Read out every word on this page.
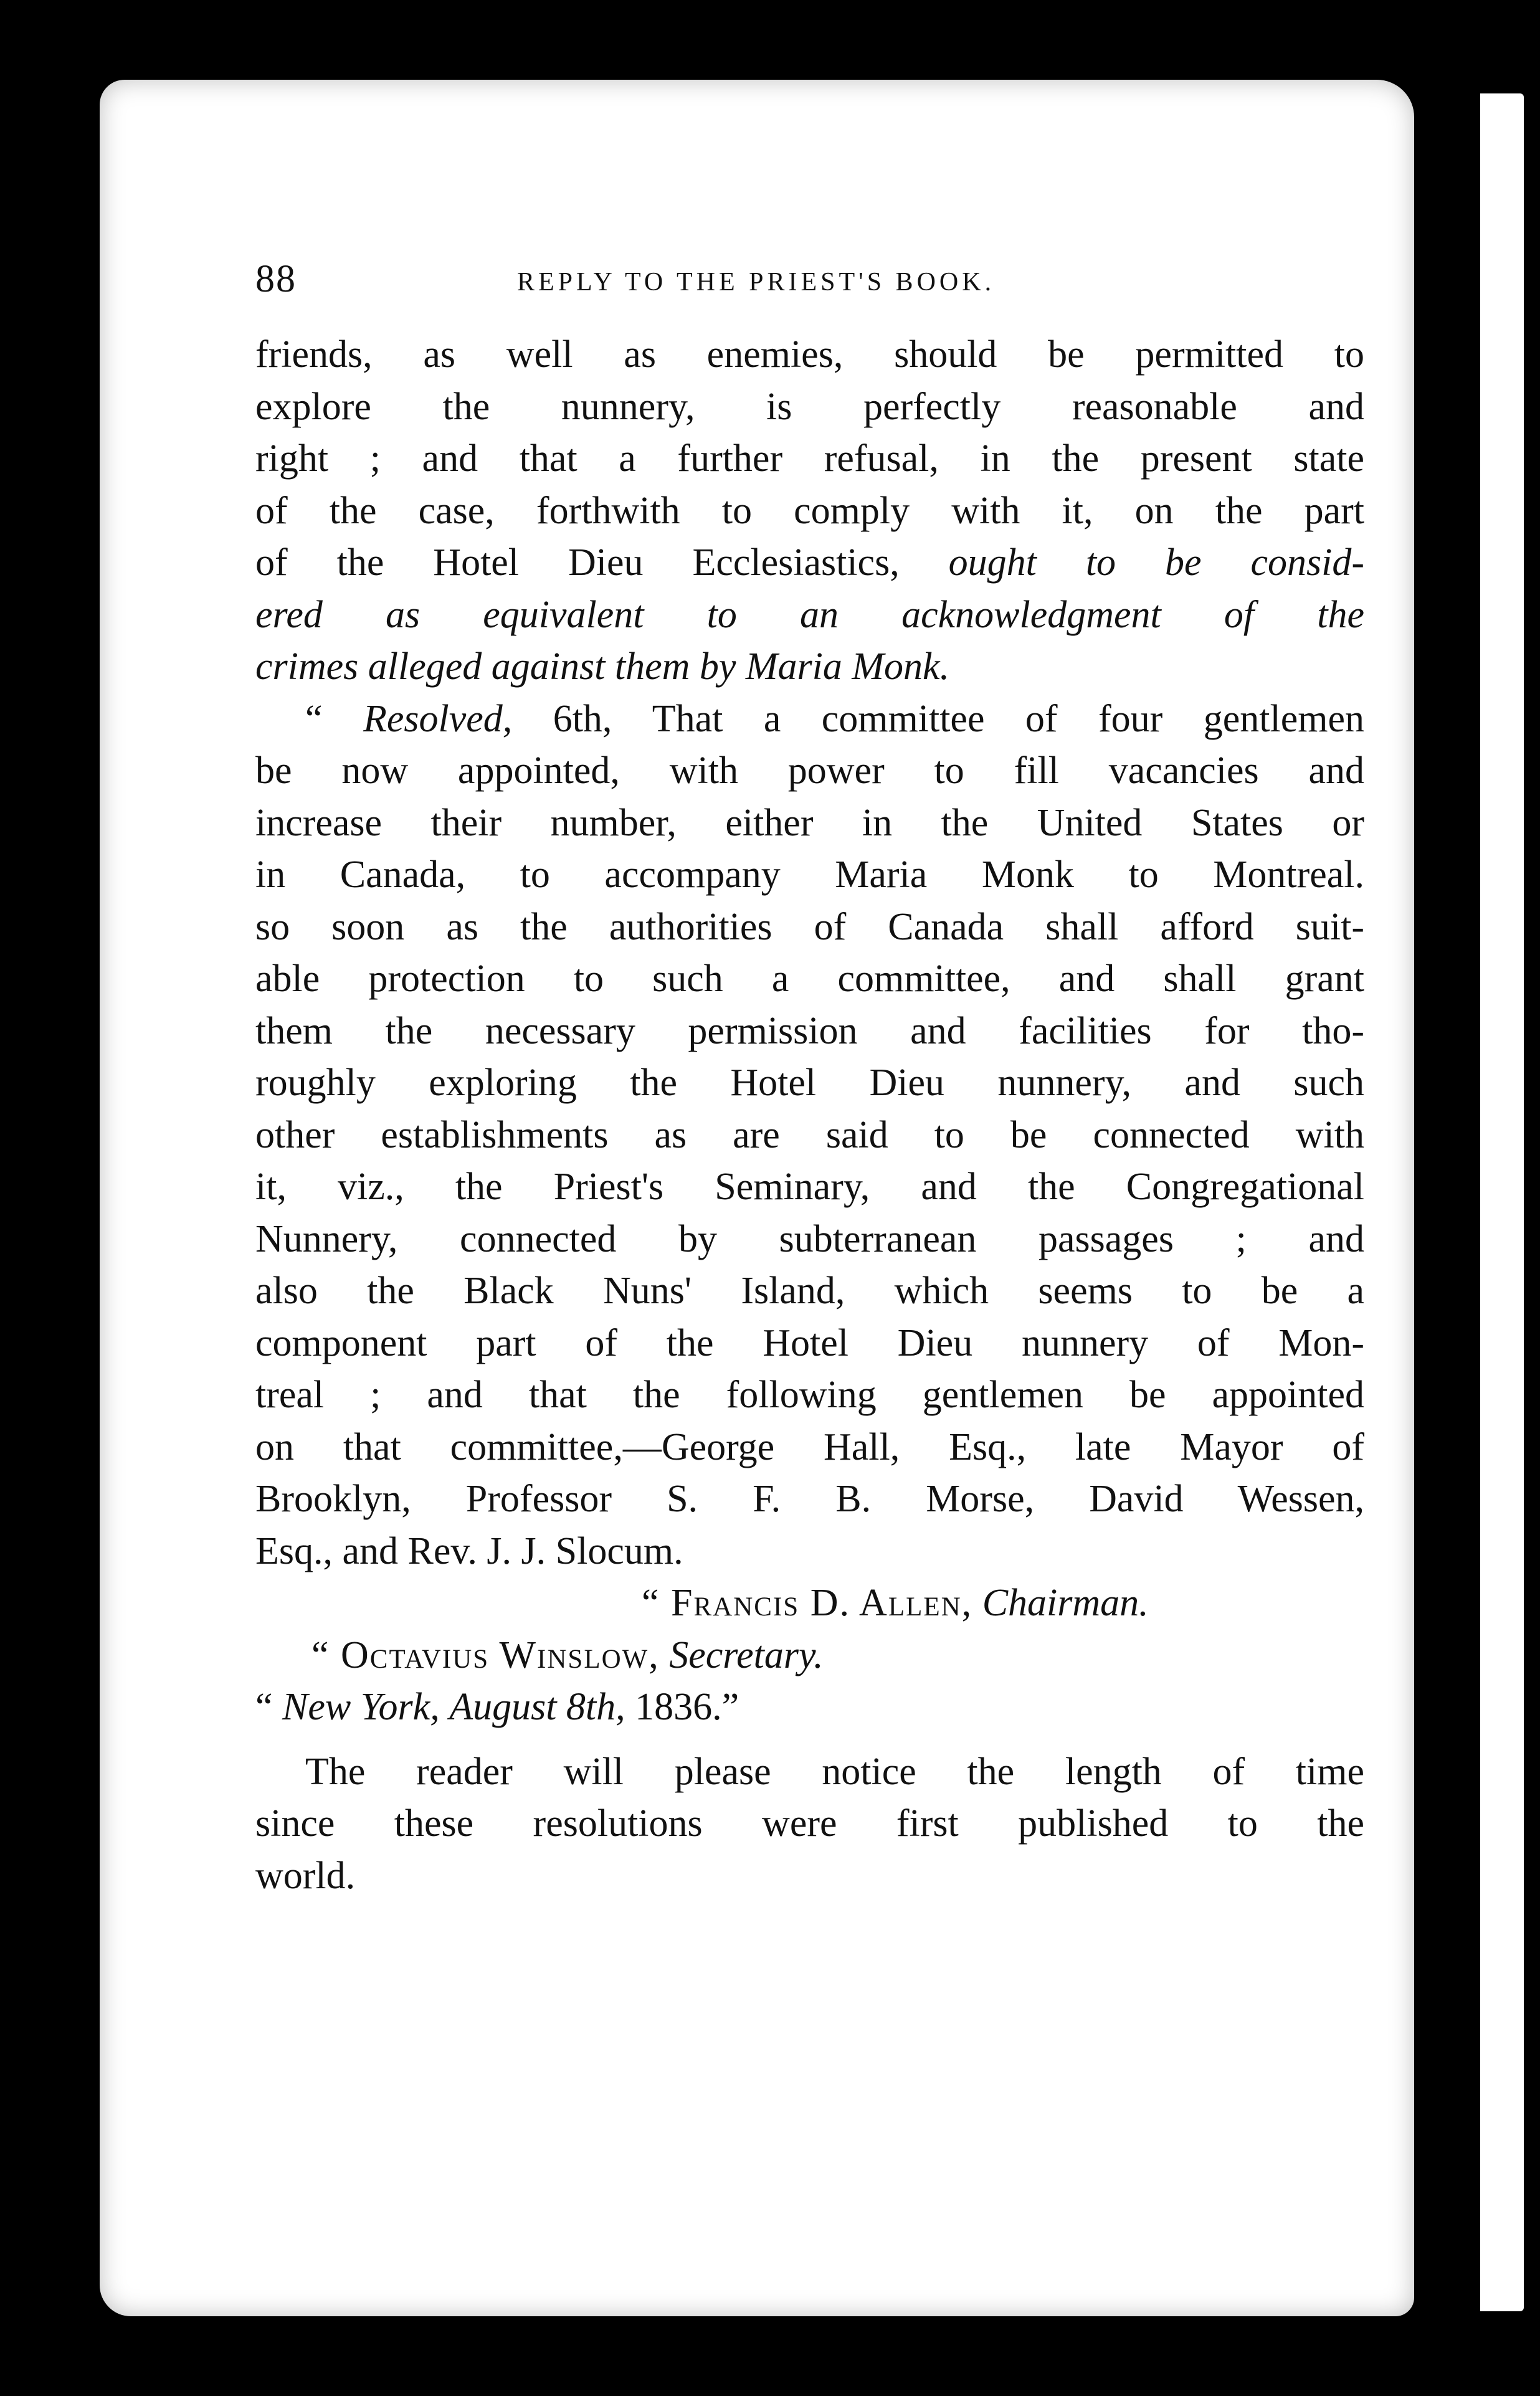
88	REPLY TO THE PRIEST'S BOOK.
friends, as well as enemies, should be permitted to
explore the nunnery, is perfectly reasonable and
right ; and that a further refusal, in the present state
of the case, forthwith to comply with it, on the part
of the Hotel Dieu Ecclesiastics, ought to be consid-
ered as equivalent to an acknowledgment of the
crimes alleged against them by Maria Monk.
“ Resolved, 6th, That a committee of four gentlemen
be now appointed, with power to fill vacancies and
increase their number, either in the United States or
in Canada, to accompany Maria Monk to Montreal.
so soon as the authorities of Canada shall afford suit-
able protection to such a committee, and shall grant
them the necessary permission and facilities for tho-
roughly exploring the Hotel Dieu nunnery, and such
other establishments as are said to be connected with
it, viz., the Priest's Seminary, and the Congregational
Nunnery, connected by subterranean passages ; and
also the Black Nuns' Island, which seems to be a
component part of the Hotel Dieu nunnery of Mon-
treal ; and that the following gentlemen be appointed
on that committee,—George Hall, Esq., late Mayor of
Brooklyn, Professor S. F. B. Morse, David Wessen,
Esq., and Rev. J. J. Slocum.
“ Francis D. Allen, Chairman.
“ Octavius Winslow, Secretary.
“ New York, August 8th, 1836.”
The reader will please notice the length of time
since these resolutions were first published to the
world.
